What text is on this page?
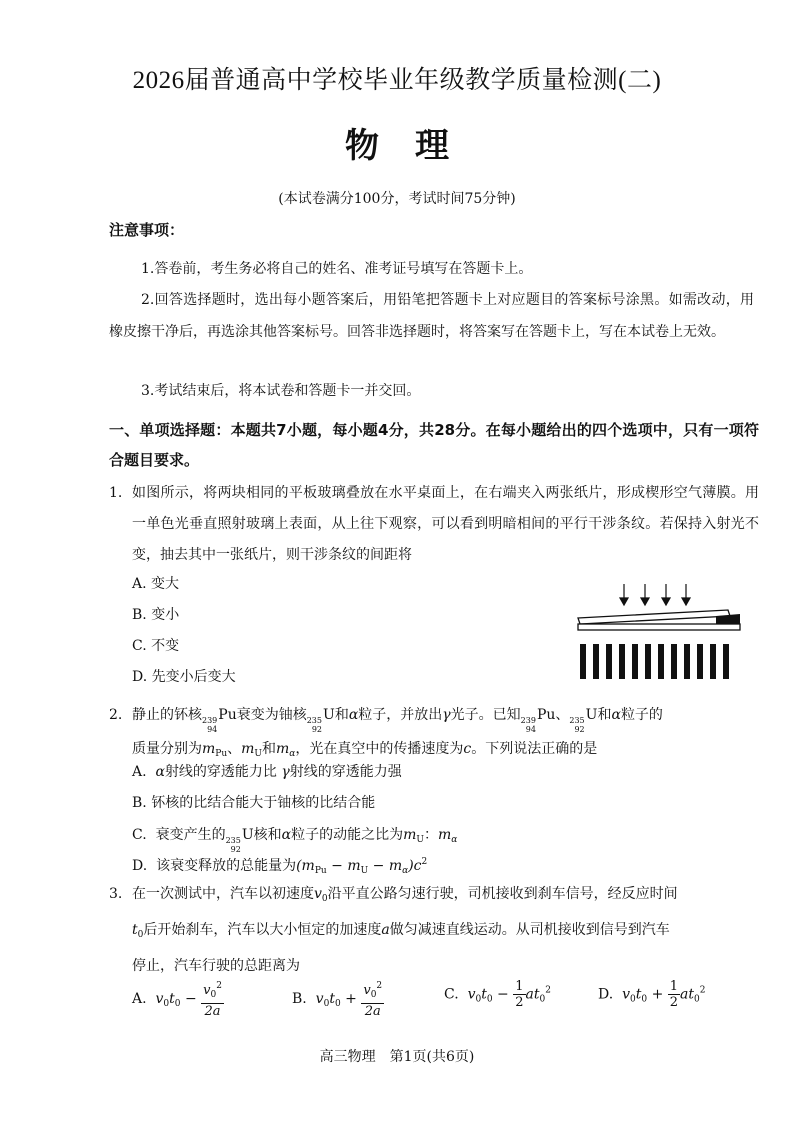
2026届普通高中学校毕业年级教学质量检测(二)
物理
(本试卷满分100分，考试时间75分钟)
注意事项：
1.答卷前，考生务必将自己的姓名、准考证号填写在答题卡上。
2.回答选择题时，选出每小题答案后，用铅笔把答题卡上对应题目的答案标号涂黑。如需改动，用橡皮擦干净后，再选涂其他答案标号。回答非选择题时，将答案写在答题卡上，写在本试卷上无效。
3.考试结束后，将本试卷和答题卡一并交回。
一、单项选择题：本题共7小题，每小题4分，共28分。在每小题给出的四个选项中，只有一项符合题目要求。
1. 如图所示，将两块相同的平板玻璃叠放在水平桌面上，在右端夹入两张纸片，形成楔形空气薄膜。用一单色光垂直照射玻璃上表面，从上往下观察，可以看到明暗相间的平行干涉条纹。若保持入射光不变，抽去其中一张纸片，则干涉条纹的间距将
A. 变大
B. 变小
C. 不变
D. 先变小后变大
2. 静止的钚核 239
94
Pu衰变为铀核 235
92
U和α粒子，并放出γ光子。已知 239
94
Pu、 235
92
U和α粒子的
质量分别为$m_{Pu}$、$m_U$和$m_\alpha$，光在真空中的传播速度为c。下列说法正确的是
A. α射线的穿透能力比 γ射线的穿透能力强
B. 钚核的比结合能大于铀核的比结合能
C. 衰变产生的 235
92
U核和α粒子的动能之比为$m_U$：$m_\alpha$
D. 该衰变释放的总能量为$(m_{Pu} - m_U - m_\alpha)c^2$
3. 在一次测试中，汽车以初速度$v_0$沿平直公路匀速行驶，司机接收到刹车信号，经反应时间
$t_0$后开始刹车，汽车以大小恒定的加速度a做匀减速直线运动。从司机接收到信号到汽车
停止，汽车行驶的总距离为
A. $v_0t_0 - \frac{v_0^2}{2a}$	B. $v_0t_0 + \frac{v_0^2}{2a}$	C. $v_0t_0 - \frac{1}{2} at_0^2$	D. $v_0t_0 + \frac{1}{2} at_0^2$
高三物理　第1页(共6页)
